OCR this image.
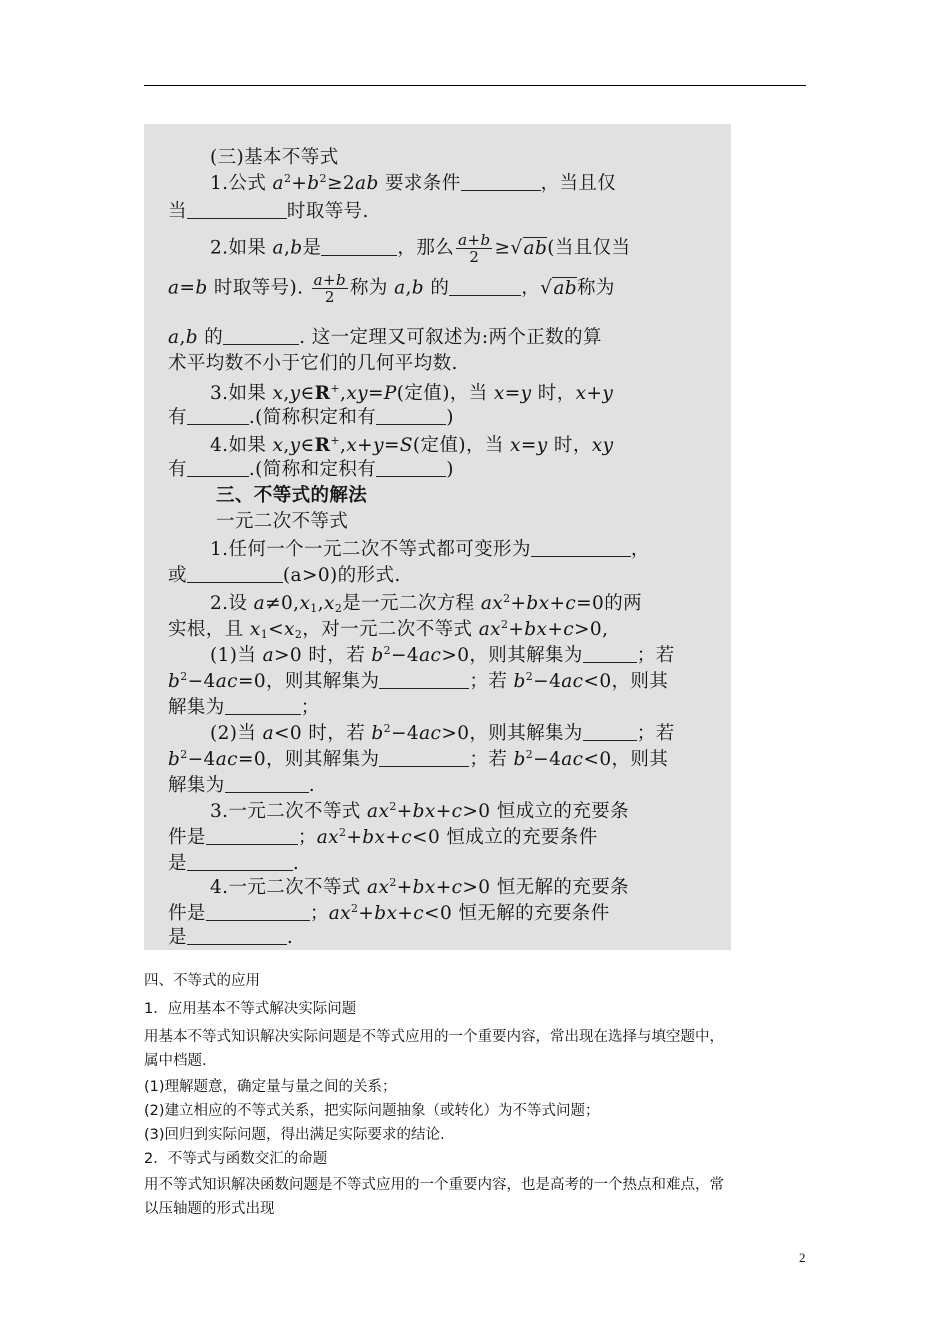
(三)基本不等式
1.公式 $a^2+b^2\ge 2ab$ 要求条件	，当且仅
当	时取等号.
2.如果 a,b是	，那么 $\frac{a+b}{2} \ge√ab$(当且仅当
a=b 时取等号). $\frac{a+b}{2}$ 称为 a,b 的	，√ab称为
a,b 的	. 这一定理又可叙述为:两个正数的算
术平均数不小于它们的几何平均数.
3.如果 x,y∈R+,xy=P(定值)，当 x=y 时，x+y
有	.(简称积定和有	)
4.如果 x,y∈R+,x+y=S(定值)，当 x=y 时，xy
有	.(简称和定积有	)
三、不等式的解法
一元二次不等式
1.任何一个一元二次不等式都可变形为	，
或	(a>0)的形式.
2.设 $a\ne 0,x_1,x_2$是一元二次方程 $ax^2+bx+c=0$的两
实根，且 $x_1<x_2$，对一元二次不等式 $ax^2+bx+c>0$,
(1)当 a>0 时，若 $b^2-4ac>0$，则其解集为	；若
$b^2-4ac=0$，则其解集为	；若 $b^2-4ac<0$，则其
解集为	；
(2)当 a<0 时，若 $b^2-4ac>0$，则其解集为	；若
$b^2-4ac=0$，则其解集为	；若 $b^2-4ac<0$，则其
解集为	.
3.一元二次不等式 $ax^2+bx+c>0$ 恒成立的充要条
件是	；$ax^2+bx+c<0$ 恒成立的充要条件
是	.
4.一元二次不等式 $ax^2+bx+c>0$ 恒无解的充要条
件是	；$ax^2+bx+c<0$ 恒无解的充要条件
是	.
四、不等式的应用
1．应用基本不等式解决实际问题
用基本不等式知识解决实际问题是不等式应用的一个重要内容，常出现在选择与填空题中，
属中档题.
(1)理解题意，确定量与量之间的关系；
(2)建立相应的不等式关系，把实际问题抽象（或转化）为不等式问题；
(3)回归到实际问题，得出满足实际要求的结论.
2．不等式与函数交汇的命题
用不等式知识解决函数问题是不等式应用的一个重要内容，也是高考的一个热点和难点，常
以压轴题的形式出现
2
